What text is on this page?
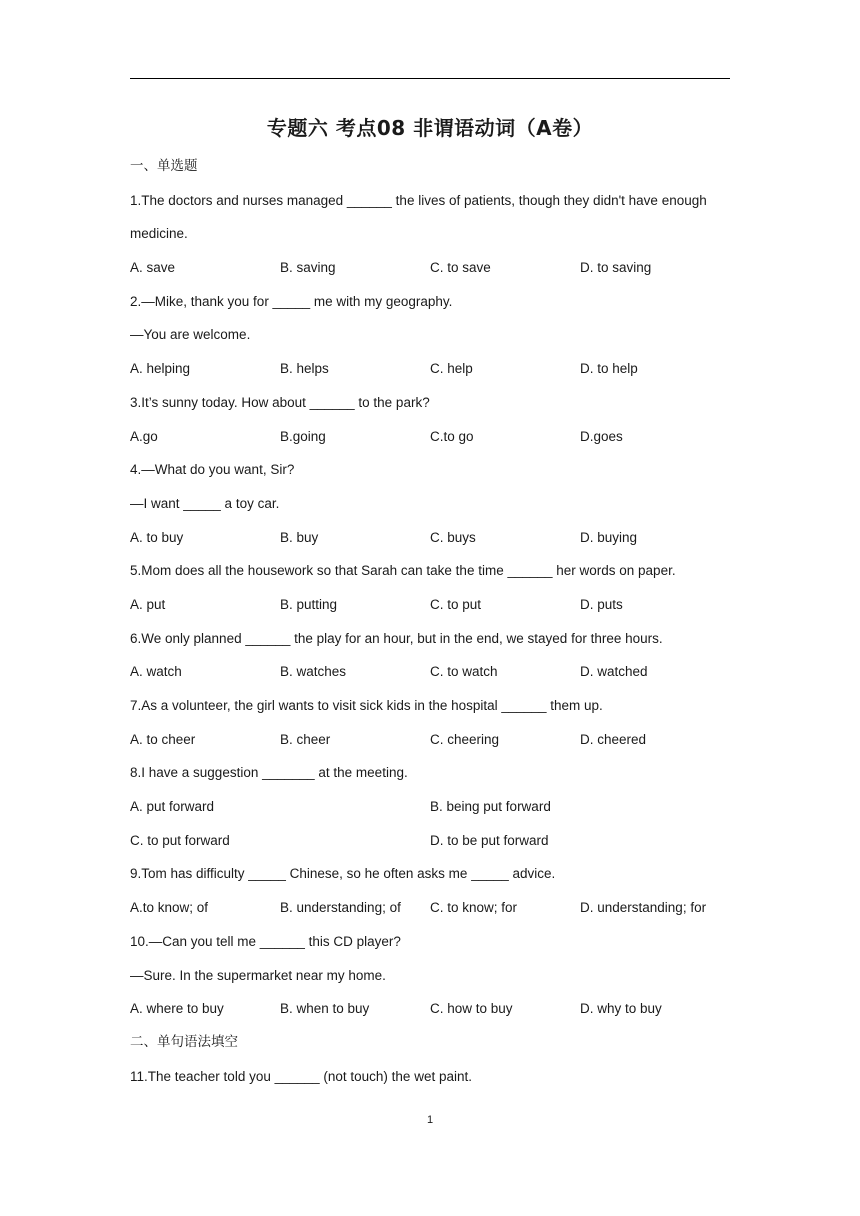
专题六 考点08 非谓语动词（A卷）
一、单选题
1.The doctors and nurses managed ______ the lives of patients, though they didn't have enough
medicine.
A. save	B. saving	C. to save	D. to saving
2.—Mike, thank you for _____ me with my geography.
—You are welcome.
A. helping	B. helps	C. help	D. to help
3.It’s sunny today. How about ______ to the park?
A.go	B.going	C.to go	D.goes
4.—What do you want, Sir?
—I want _____ a toy car.
A. to buy	B. buy	C. buys	D. buying
5.Mom does all the housework so that Sarah can take the time ______ her words on paper.
A. put	B. putting	C. to put	D. puts
6.We only planned ______ the play for an hour, but in the end, we stayed for three hours.
A. watch	B. watches	C. to watch	D. watched
7.As a volunteer, the girl wants to visit sick kids in the hospital ______ them up.
A. to cheer	B. cheer	C. cheering	D. cheered
8.I have a suggestion _______ at the meeting.
A. put forward	B. being put forward
C. to put forward	D. to be put forward
9.Tom has difficulty _____ Chinese, so he often asks me _____ advice.
A.to know; of	B. understanding; of	C. to know; for	D. understanding; for
10.—Can you tell me ______ this CD player?
—Sure. In the supermarket near my home.
A. where to buy	B. when to buy	C. how to buy	D. why to buy
二、单句语法填空
11.The teacher told you ______ (not touch) the wet paint.
1
